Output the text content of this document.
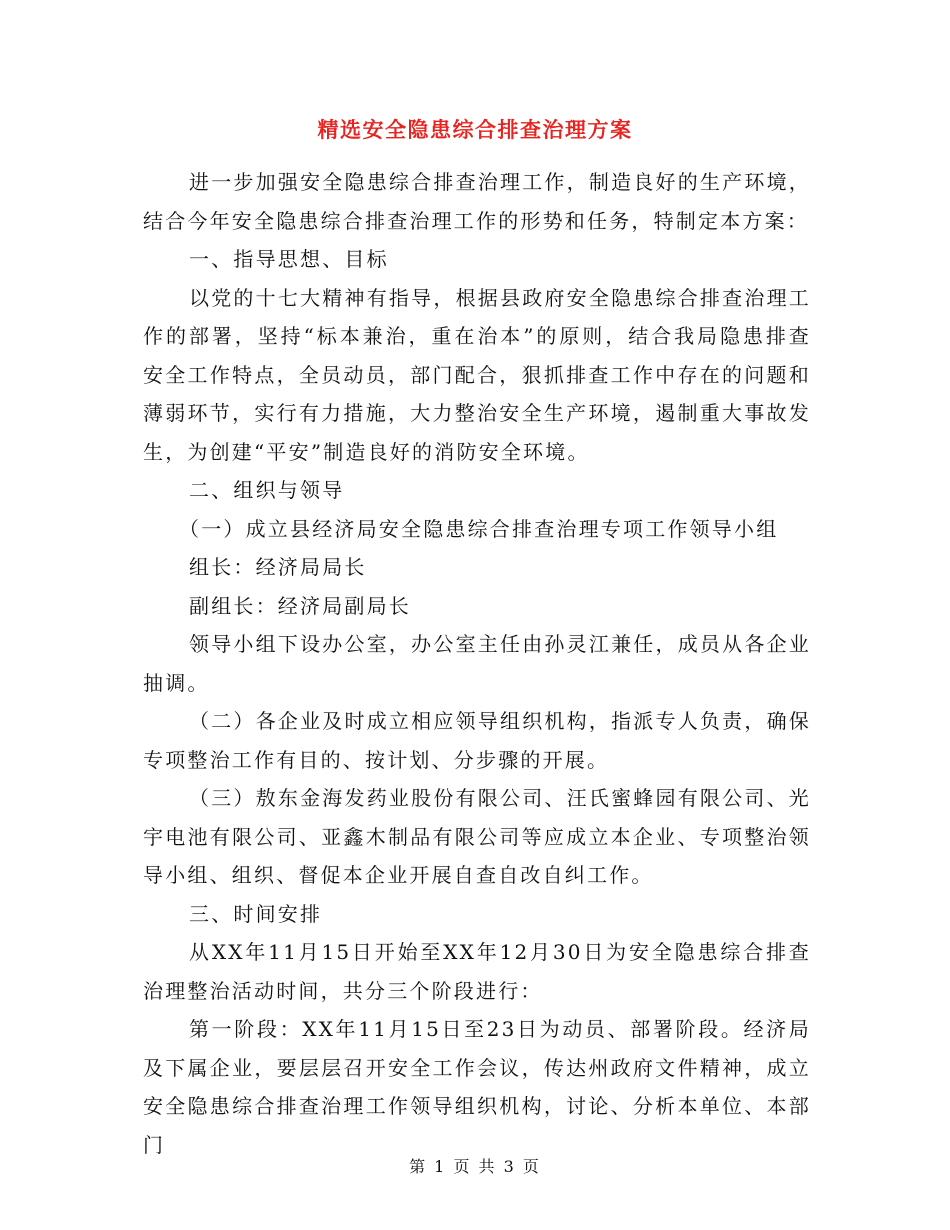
精选安全隐患综合排查治理方案

进一步加强安全隐患综合排查治理工作，制造良好的生产环境，结合今年安全隐患综合排查治理工作的形势和任务，特制定本方案：

一、指导思想、目标

以党的十七大精神有指导，根据县政府安全隐患综合排查治理工作的部署，坚持“标本兼治，重在治本”的原则，结合我局隐患排查安全工作特点，全员动员，部门配合，狠抓排查工作中存在的问题和薄弱环节，实行有力措施，大力整治安全生产环境，遏制重大事故发生，为创建“平安”制造良好的消防安全环境。

二、组织与领导

（一）成立县经济局安全隐患综合排查治理专项工作领导小组

组长：经济局局长

副组长：经济局副局长

领导小组下设办公室，办公室主任由孙灵江兼任，成员从各企业抽调。

（二）各企业及时成立相应领导组织机构，指派专人负责，确保专项整治工作有目的、按计划、分步骤的开展。

（三）敖东金海发药业股份有限公司、汪氏蜜蜂园有限公司、光宇电池有限公司、亚鑫木制品有限公司等应成立本企业、专项整治领导小组、组织、督促本企业开展自查自改自纠工作。

三、时间安排

从XX年11月15日开始至XX年12月30日为安全隐患综合排查治理整治活动时间，共分三个阶段进行：

第一阶段：XX年11月15日至23日为动员、部署阶段。经济局及下属企业，要层层召开安全工作会议，传达州政府文件精神，成立安全隐患综合排查治理工作领导组织机构，讨论、分析本单位、本部门

第 1 页 共 3 页
